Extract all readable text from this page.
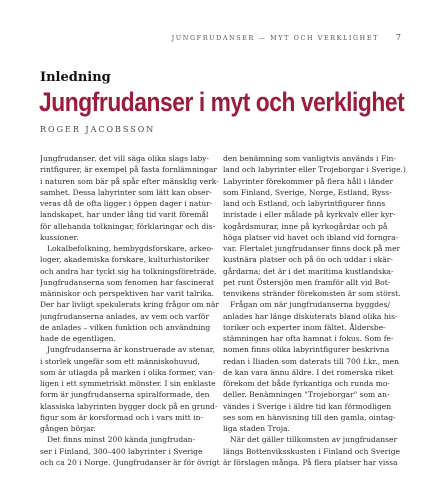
JUNGFRUDANSER — MYT OCH VERKLIGHET 7
Inledning
Jungfrudanser i myt och verklighet
ROGER JACOBSSON
Jungfrudanser, det vill säga olika slags laby-
rintfigurer, är exempel på fasta fornlämningar
i naturen som bär på spår efter mänsklig verk-
samhet. Dessa labyrinter som lätt kan obser-
veras då de ofta ligger i öppen dager i natur-
landskapet, har under lång tid varit föremål
för allehanda tolkningar, förklaringar och dis-
kussioner.
Lokalbefolkning, hembygdsforskare, arkeo-
loger, akademiska forskare, kulturhistoriker
och andra har tyckt sig ha tolkningsföreträde.
Jungfrudanserna som fenomen har fascinerat
människor och perspektiven har varit talrika.
Der har livligt spekulerats kring frågor om när
jungfrudanserna anlades, av vem och varför
de anlades – vilken funktion och användning
hade de egentligen.
Jungfrudanserna är konstruerade av stenar,
i storlek ungefär som ett människohuvud,
som är utlagda på marken i olika former, van-
ligen i ett symmetriskt mönster. I sin enklaste
form är jungfrudanserna spiralformade, den
klassiska labyrinten bygger dock på en grund-
figur som är korsformad och i vars mitt in-
gången börjar.
Det finns minst 200 kända jungfrudan-
ser i Finland, 300–400 labyrinter i Sverige
och ca 20 i Norge. (Jungfrudanser är för övrigt
den benämning som vanligtvis används i Fin-
land och labyrinter eller Trojeborgar i Sverige.)
Labyrinter förekommer på flera håll i länder
som Finland, Sverige, Norge, Estland, Ryss-
land och Estland, och labyrintfigurer finns
inristade i eller målade på kyrkvalv eller kyr-
kogårdsmurar, inne på kyrkogårdar och på
höga platser vid havet och ibland vid forngra-
var. Flertalet jungfrudanser finns dock på mer
kustnära platser och på ön och uddar i skär-
gårdarna; det är i det maritima kustlandska-
pet runt Östersjön men framför allt vid Bot-
tenvikens stränder förekomsten är som störst.
Frågan om när jungfrudanserna byggdes/
anlades har länge diskuterats bland olika his-
toriker och experter inom fältet. Åldersbe-
stämningen har ofta hamnat i fokus. Som fe-
nomen finns olika labyrintfigurer beskrivna
redan i Iliaden som daterats till 700 f.kr., men
de kan vara ännu äldre. I det romerska riket
förekom det både fyrkantiga och runda mo-
deller. Benämningen "Trojeborgar" som an-
vändes i Sverige i äldre tid kan förmodligen
ses som en hänvisning till den gamla, ointag-
liga staden Troja.
När det gäller tillkomsten av jungfrudanser
längs Bottenviksskusten i Finland och Sverige
är förslagen många. På flera platser har vissa
